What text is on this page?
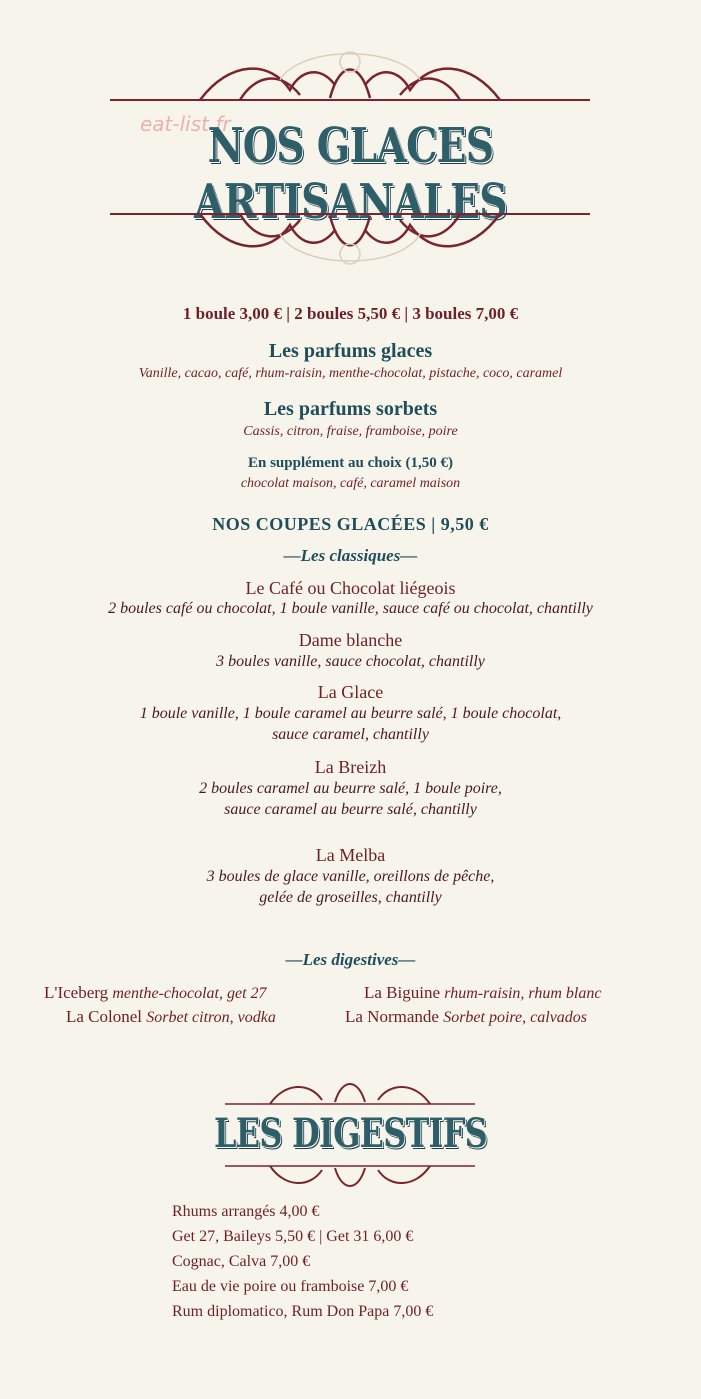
eat-list.fr
NOS GLACES ARTISANALES
1 boule 3,00 € | 2 boules 5,50 € | 3 boules 7,00 €
Les parfums glaces
Vanille, cacao, café, rhum-raisin, menthe-chocolat, pistache, coco, caramel
Les parfums sorbets
Cassis, citron, fraise, framboise, poire
En supplément au choix (1,50 €)
chocolat maison, café, caramel maison
NOS COUPES GLACÉES | 9,50 €
—Les classiques—
Le Café ou Chocolat liégeois
2 boules café ou chocolat, 1 boule vanille, sauce café ou chocolat, chantilly
Dame blanche
3 boules vanille, sauce chocolat, chantilly
La Glace
1 boule vanille, 1 boule caramel au beurre salé, 1 boule chocolat,
sauce caramel, chantilly
La Breizh
2 boules caramel au beurre salé, 1 boule poire,
sauce caramel au beurre salé, chantilly
La Melba
3 boules de glace vanille, oreillons de pêche,
gelée de groseilles, chantilly
—Les digestives—
L'Iceberg menthe-chocolat, get 27	La Biguine rhum-raisin, rhum blanc
La Colonel Sorbet citron, vodka	La Normande Sorbet poire, calvados
LES DIGESTIFS
Rhums arrangés 4,00 €
Get 27, Baileys 5,50 € | Get 31 6,00 €
Cognac, Calva 7,00 €
Eau de vie poire ou framboise 7,00 €
Rum diplomatico, Rum Don Papa 7,00 €
